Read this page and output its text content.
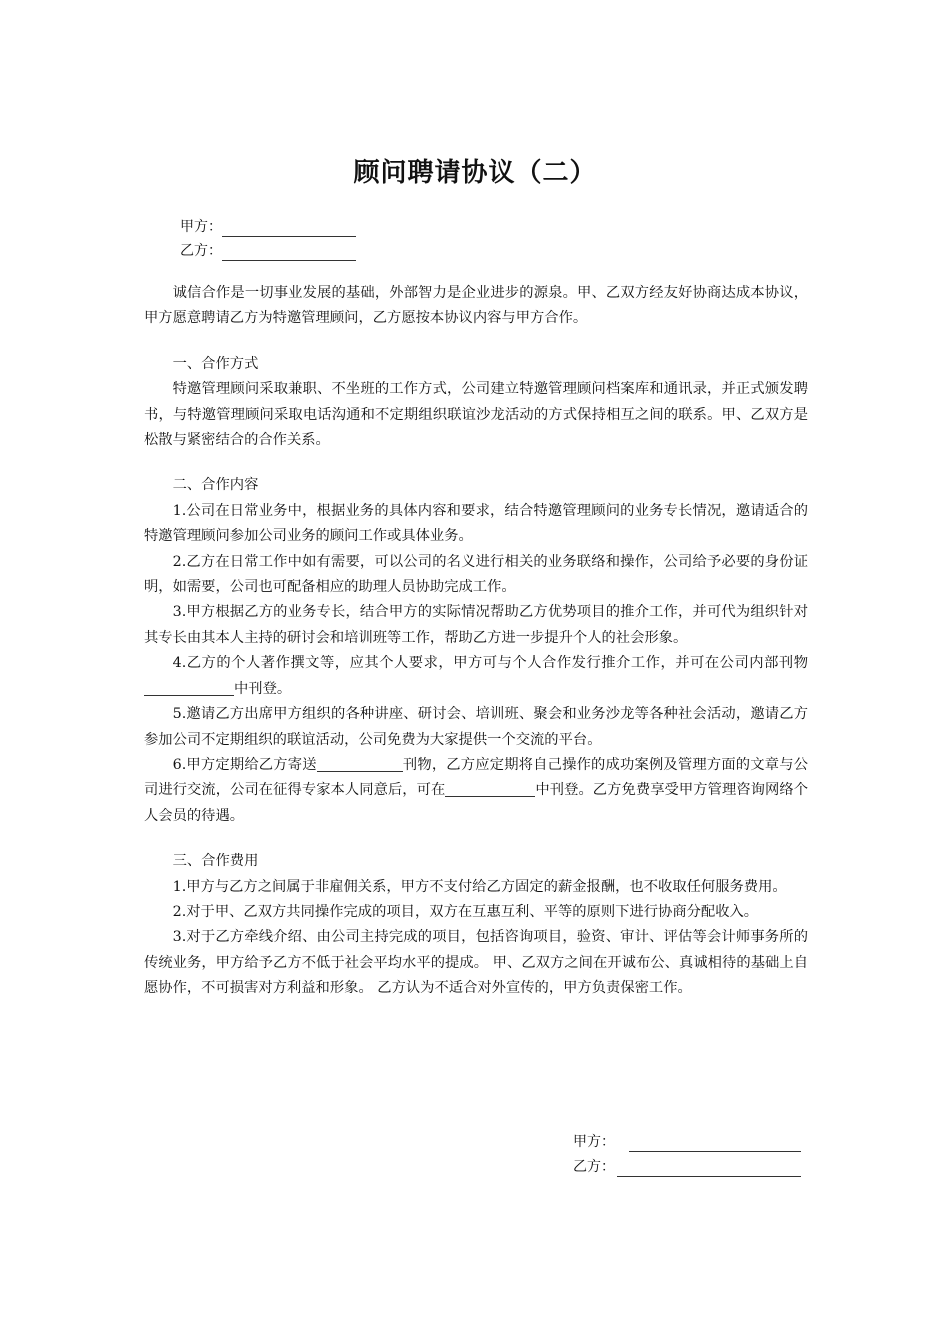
顾问聘请协议（二）
甲方：
乙方：

诚信合作是一切事业发展的基础，外部智力是企业进步的源泉。甲、乙双方经友好协商达成本协议，甲方愿意聘请乙方为特邀管理顾问，乙方愿按本协议内容与甲方合作。

一、合作方式

特邀管理顾问采取兼职、不坐班的工作方式，公司建立特邀管理顾问档案库和通讯录，并正式颁发聘书，与特邀管理顾问采取电话沟通和不定期组织联谊沙龙活动的方式保持相互之间的联系。甲、乙双方是松散与紧密结合的合作关系。

二、合作内容

1.公司在日常业务中，根据业务的具体内容和要求，结合特邀管理顾问的业务专长情况，邀请适合的特邀管理顾问参加公司业务的顾问工作或具体业务。

2.乙方在日常工作中如有需要，可以公司的名义进行相关的业务联络和操作，公司给予必要的身份证明，如需要，公司也可配备相应的助理人员协助完成工作。

3.甲方根据乙方的业务专长，结合甲方的实际情况帮助乙方优势项目的推介工作，并可代为组织针对其专长由其本人主持的研讨会和培训班等工作，帮助乙方进一步提升个人的社会形象。

4.乙方的个人著作撰文等，应其个人要求，甲方可与个人合作发行推介工作，并可在公司内部刊物中刊登。

5.邀请乙方出席甲方组织的各种讲座、研讨会、培训班、聚会和业务沙龙等各种社会活动，邀请乙方参加公司不定期组织的联谊活动，公司免费为大家提供一个交流的平台。

6.甲方定期给乙方寄送	刊物，乙方应定期将自己操作的成功案例及管理方面的文章与公司进行交流，公司在征得专家本人同意后，可在	中刊登。乙方免费享受甲方管理咨询网络个人会员的待遇。

三、合作费用

1.甲方与乙方之间属于非雇佣关系，甲方不支付给乙方固定的薪金报酬，也不收取任何服务费用。

2.对于甲、乙双方共同操作完成的项目，双方在互惠互利、平等的原则下进行协商分配收入。

3.对于乙方牵线介绍、由公司主持完成的项目，包括咨询项目，验资、审计、评估等会计师事务所的传统业务，甲方给予乙方不低于社会平均水平的提成。 甲、乙双方之间在开诚布公、真诚相待的基础上自愿协作，不可损害对方利益和形象。 乙方认为不适合对外宣传的，甲方负责保密工作。

甲方：
乙方：
